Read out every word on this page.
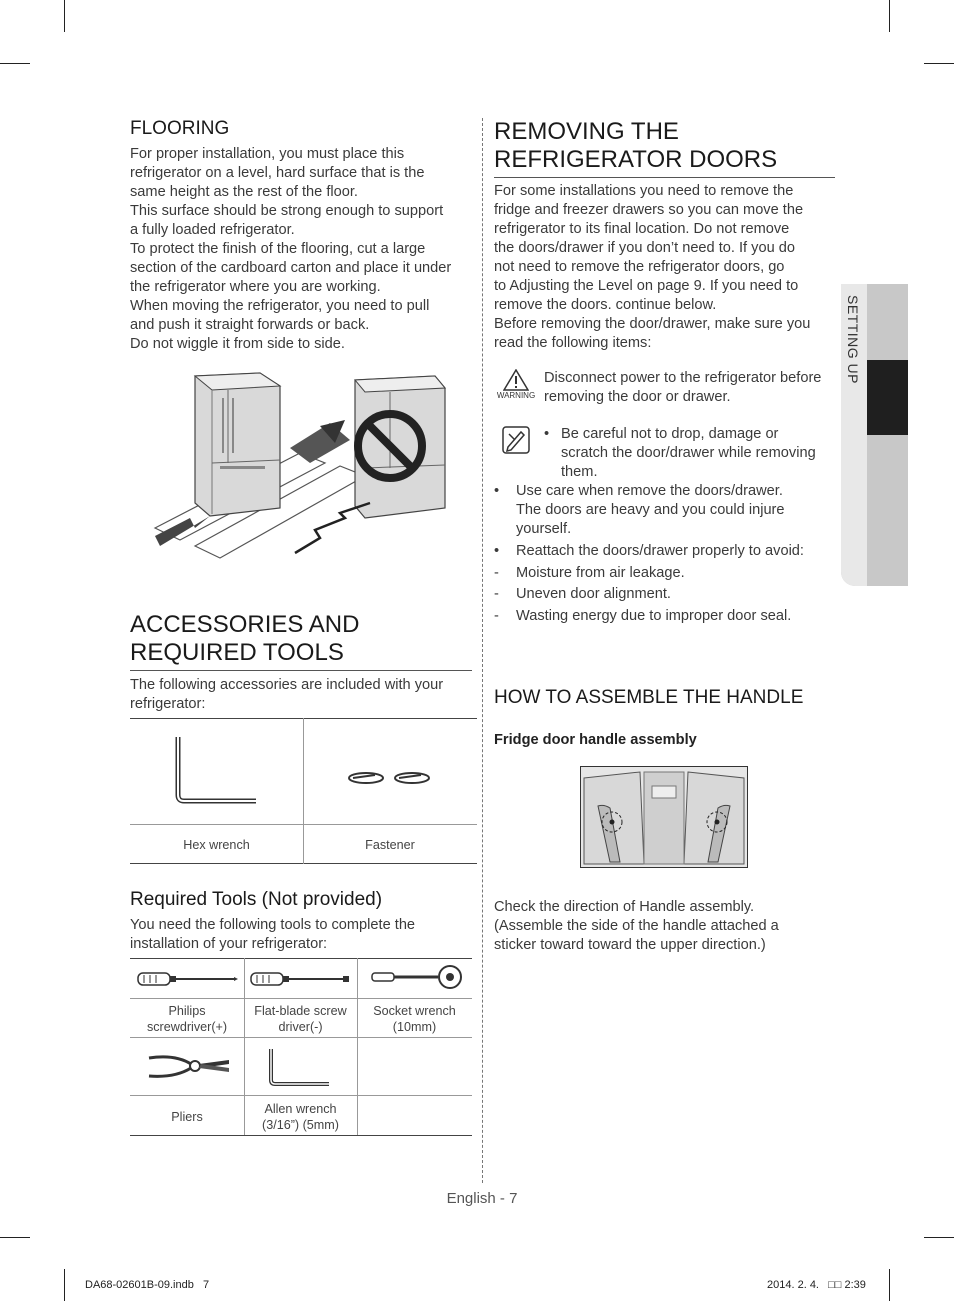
FLOORING
For proper installation, you must place this
refrigerator on a level, hard surface that is the
same height as the rest of the floor.
This surface should be strong enough to support
a fully loaded refrigerator.
To protect the finish of the flooring, cut a large
section of the cardboard carton and place it under
the refrigerator where you are working.
When moving the refrigerator, you need to pull
and push it straight forwards or back.
Do not wiggle it from side to side.
ACCESSORIES AND
REQUIRED TOOLS
The following accessories are included with your
refrigerator:
Hex wrench	Fastener
Required Tools (Not provided)
You need the following tools to complete the
installation of your refrigerator:
Philips
screwdriver(+)
Flat-blade screw
driver(-)
Socket wrench
(10mm)
Pliers
Allen wrench
(3/16”) (5mm)
REMOVING THE
REFRIGERATOR DOORS
For some installations you need to remove the
fridge and freezer drawers so you can move the
refrigerator to its final location. Do not remove
the doors/drawer if you don’t need to. If you do
not need to remove the refrigerator doors, go
to Adjusting the Level on page 9. If you need to
remove the doors. continue below.
Before removing the door/drawer, make sure you
read the following items:
WARNING
Disconnect power to the refrigerator before
removing the door or drawer.
• Be careful not to drop, damage or
scratch the door/drawer while removing
them.
• Use care when remove the doors/drawer.
The doors are heavy and you could injure
yourself.
• Reattach the doors/drawer properly to avoid:
- Moisture from air leakage.
- Uneven door alignment.
- Wasting energy due to improper door seal.
HOW TO ASSEMBLE THE HANDLE
Fridge door handle assembly
Check the direction of Handle assembly.
(Assemble the side of the handle attached a
sticker toward toward the upper direction.)
SETTING UP
English - 7
DA68-02601B-09.indb   7	2014. 2. 4.   □□ 2:39
